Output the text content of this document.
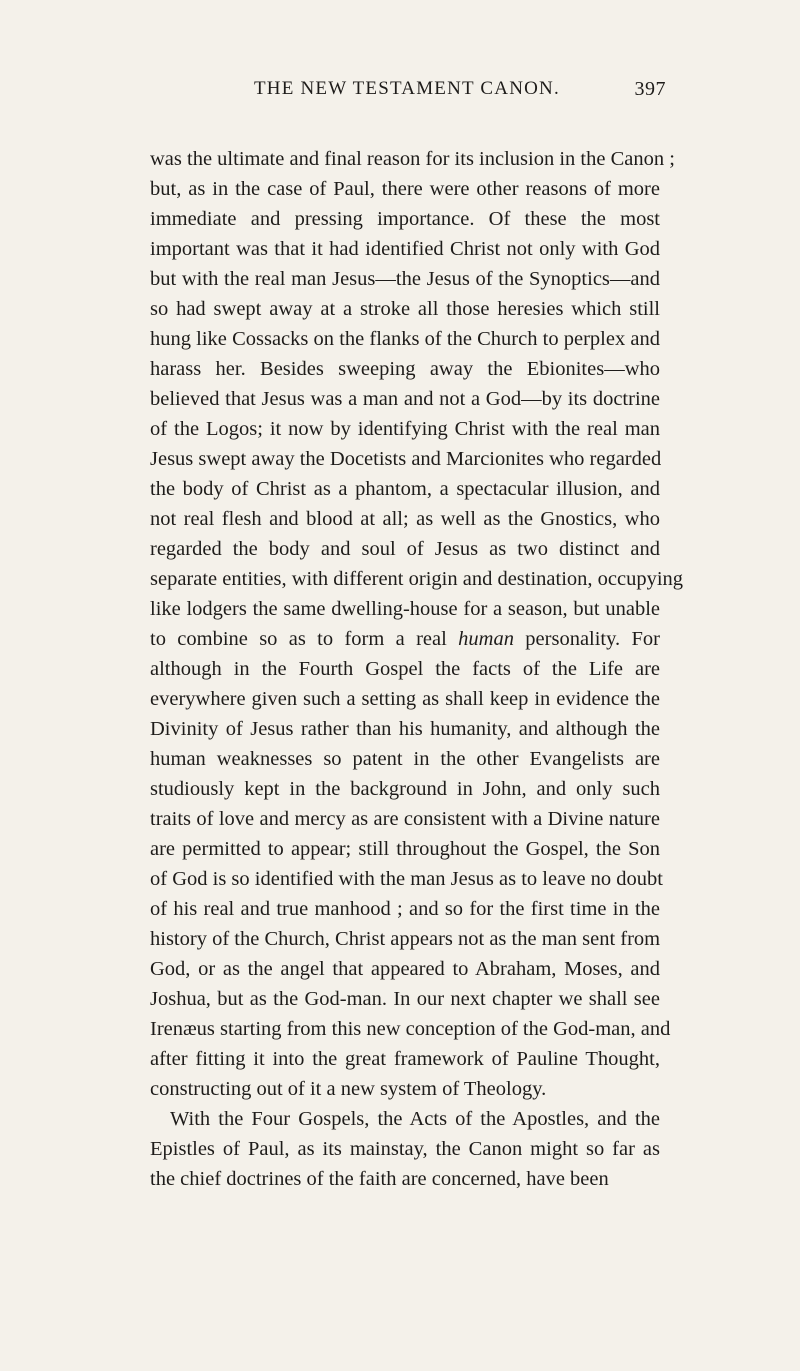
THE NEW TESTAMENT CANON.	397
was the ultimate and final reason for its inclusion in the Canon ;
but, as in the case of Paul, there were other reasons of more
immediate and pressing importance. Of these the most
important was that it had identified Christ not only with God
but with the real man Jesus—the Jesus of the Synoptics—and
so had swept away at a stroke all those heresies which still
hung like Cossacks on the flanks of the Church to perplex and
harass her. Besides sweeping away the Ebionites—who
believed that Jesus was a man and not a God—by its doctrine
of the Logos; it now by identifying Christ with the real man
Jesus swept away the Docetists and Marcionites who regarded
the body of Christ as a phantom, a spectacular illusion, and
not real flesh and blood at all; as well as the Gnostics, who
regarded the body and soul of Jesus as two distinct and
separate entities, with different origin and destination, occupying
like lodgers the same dwelling-house for a season, but unable
to combine so as to form a real human personality. For
although in the Fourth Gospel the facts of the Life are
everywhere given such a setting as shall keep in evidence the
Divinity of Jesus rather than his humanity, and although the
human weaknesses so patent in the other Evangelists are
studiously kept in the background in John, and only such
traits of love and mercy as are consistent with a Divine nature
are permitted to appear; still throughout the Gospel, the Son
of God is so identified with the man Jesus as to leave no doubt
of his real and true manhood ; and so for the first time in the
history of the Church, Christ appears not as the man sent from
God, or as the angel that appeared to Abraham, Moses, and
Joshua, but as the God-man. In our next chapter we shall see
Irenæus starting from this new conception of the God-man, and
after fitting it into the great framework of Pauline Thought,
constructing out of it a new system of Theology.
With the Four Gospels, the Acts of the Apostles, and the
Epistles of Paul, as its mainstay, the Canon might so far as
the chief doctrines of the faith are concerned, have been
